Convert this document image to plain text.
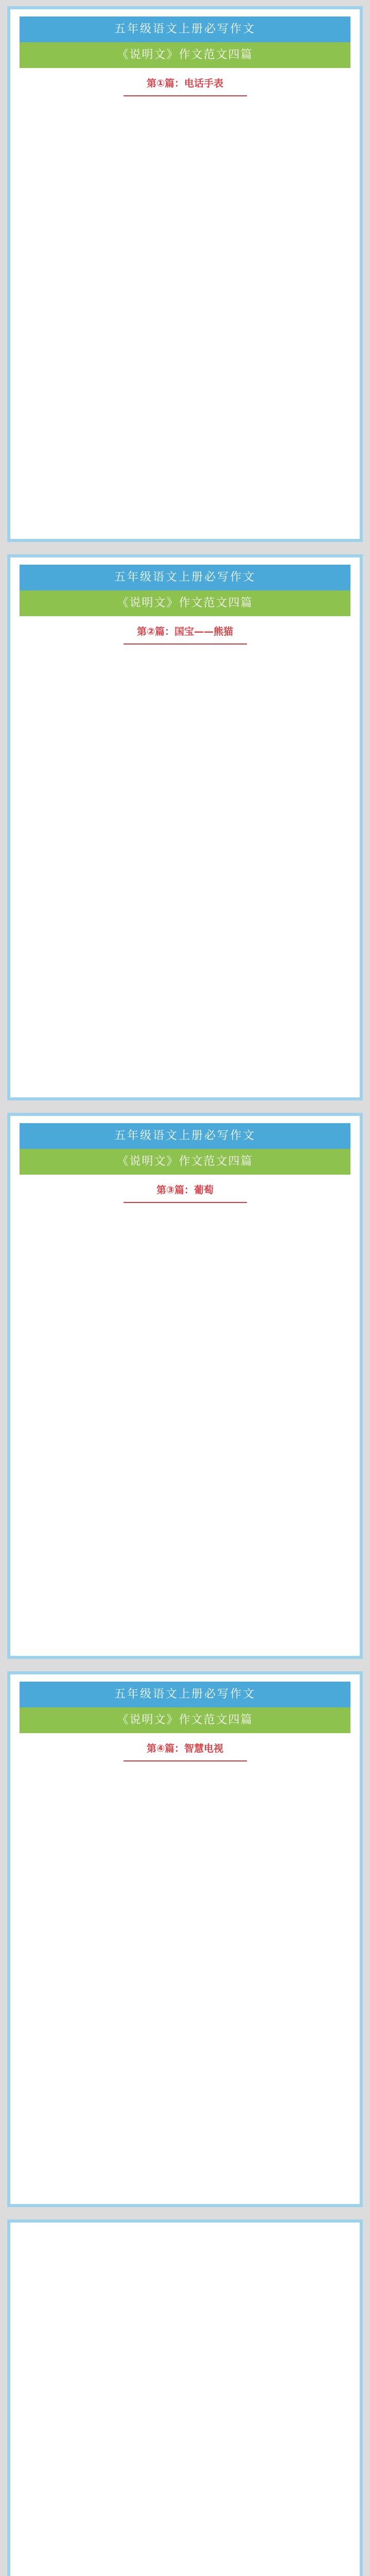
五年级语文上册必写作文
《说明文》作文范文四篇
第①篇：电话手表

五年级语文上册必写作文
《说明文》作文范文四篇
第②篇：国宝——熊猫

五年级语文上册必写作文
《说明文》作文范文四篇
第③篇：葡萄

五年级语文上册必写作文
《说明文》作文范文四篇
第④篇：智慧电视
